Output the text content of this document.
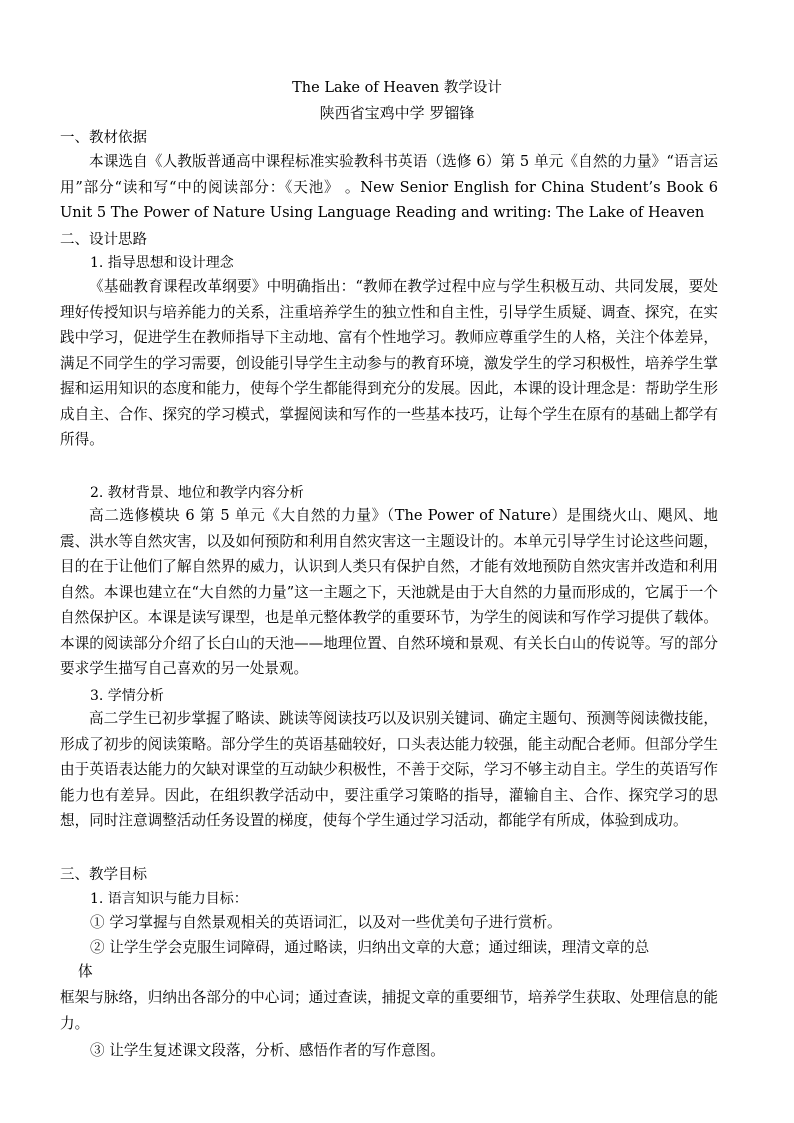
The Lake of Heaven 教学设计
陕西省宝鸡中学 罗镏锋
一、教材依据

本课选自《人教版普通高中课程标准实验教科书英语（选修 6）第 5 单元《自然的力量》“语言运用”部分“读和写“中的阅读部分：《天池》 。New Senior English for China Student’s Book 6 Unit 5 The Power of Nature Using Language Reading and writing: The Lake of Heaven

二、设计思路
1. 指导思想和设计理念

《基础教育课程改革纲要》中明确指出：“教师在教学过程中应与学生积极互动、共同发展，要处理好传授知识与培养能力的关系，注重培养学生的独立性和自主性，引导学生质疑、调查、探究，在实践中学习，促进学生在教师指导下主动地、富有个性地学习。教师应尊重学生的人格，关注个体差异，满足不同学生的学习需要，创设能引导学生主动参与的教育环境，激发学生的学习积极性，培养学生掌握和运用知识的态度和能力，使每个学生都能得到充分的发展。因此，本课的设计理念是：帮助学生形成自主、合作、探究的学习模式，掌握阅读和写作的一些基本技巧，让每个学生在原有的基础上都学有所得。

2. 教材背景、地位和教学内容分析

高二选修模块 6 第 5 单元《大自然的力量》（The Power of Nature）是围绕火山、飓风、地震、洪水等自然灾害，以及如何预防和利用自然灾害这一主题设计的。本单元引导学生讨论这些问题，目的在于让他们了解自然界的威力，认识到人类只有保护自然，才能有效地预防自然灾害并改造和利用自然。本课也建立在“大自然的力量”这一主题之下，天池就是由于大自然的力量而形成的，它属于一个自然保护区。本课是读写课型，也是单元整体教学的重要环节，为学生的阅读和写作学习提供了载体。本课的阅读部分介绍了长白山的天池——地理位置、自然环境和景观、有关长白山的传说等。写的部分要求学生描写自己喜欢的另一处景观。

3. 学情分析

高二学生已初步掌握了略读、跳读等阅读技巧以及识别关键词、确定主题句、预测等阅读微技能，形成了初步的阅读策略。部分学生的英语基础较好，口头表达能力较强，能主动配合老师。但部分学生由于英语表达能力的欠缺对课堂的互动缺少积极性，不善于交际，学习不够主动自主。学生的英语写作能力也有差异。因此，在组织教学活动中，要注重学习策略的指导，灌输自主、合作、探究学习的思想，同时注意调整活动任务设置的梯度，使每个学生通过学习活动，都能学有所成，体验到成功。

三、教学目标
1. 语言知识与能力目标：
① 学习掌握与自然景观相关的英语词汇，以及对一些优美句子进行赏析。
② 让学生学会克服生词障碍，通过略读，归纳出文章的大意；通过细读，理清文章的总
体

框架与脉络，归纳出各部分的中心词；通过查读，捕捉文章的重要细节，培养学生获取、处理信息的能力。

③ 让学生复述课文段落，分析、感悟作者的写作意图。
